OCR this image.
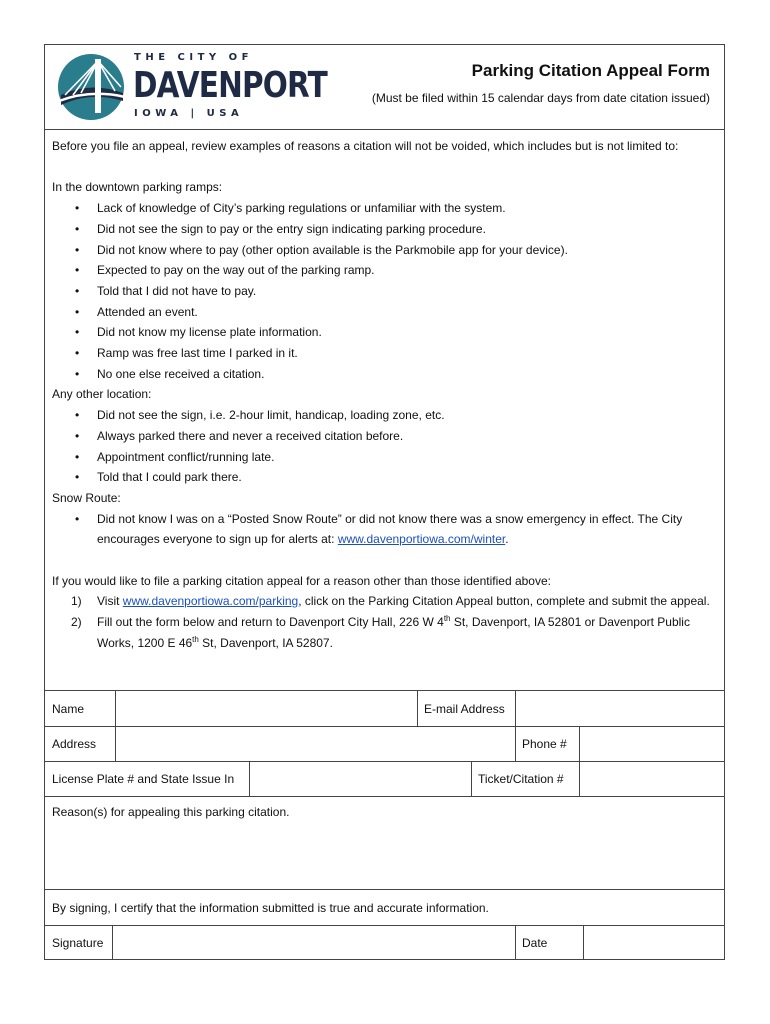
THE CITY OF
DAVENPORT
IOWA | USA
Parking Citation Appeal Form
(Must be filed within 15 calendar days from date citation issued)

Before you file an appeal, review examples of reasons a citation will not be voided, which includes but is not limited to:

In the downtown parking ramps:

• Lack of knowledge of City’s parking regulations or unfamiliar with the system.
• Did not see the sign to pay or the entry sign indicating parking procedure.
• Did not know where to pay (other option available is the Parkmobile app for your device).
• Expected to pay on the way out of the parking ramp.
• Told that I did not have to pay.
• Attended an event.
• Did not know my license plate information.
• Ramp was free last time I parked in it.
• No one else received a citation.

Any other location:

• Did not see the sign, i.e. 2-hour limit, handicap, loading zone, etc.
• Always parked there and never a received citation before.
• Appointment conflict/running late.
• Told that I could park there.

Snow Route:

• Did not know I was on a “Posted Snow Route” or did not know there was a snow emergency in effect. The City encourages everyone to sign up for alerts at: www.davenportiowa.com/winter.

If you would like to file a parking citation appeal for a reason other than those identified above:

1) Visit www.davenportiowa.com/parking, click on the Parking Citation Appeal button, complete and submit the appeal.
2) Fill out the form below and return to Davenport City Hall, 226 W 4th St, Davenport, IA 52801 or Davenport Public Works, 1200 E 46th St, Davenport, IA 52807.
Name	E-mail Address
Address	Phone #
License Plate # and State Issue In	Ticket/Citation #
Reason(s) for appealing this parking citation.
By signing, I certify that the information submitted is true and accurate information.
Signature	Date
